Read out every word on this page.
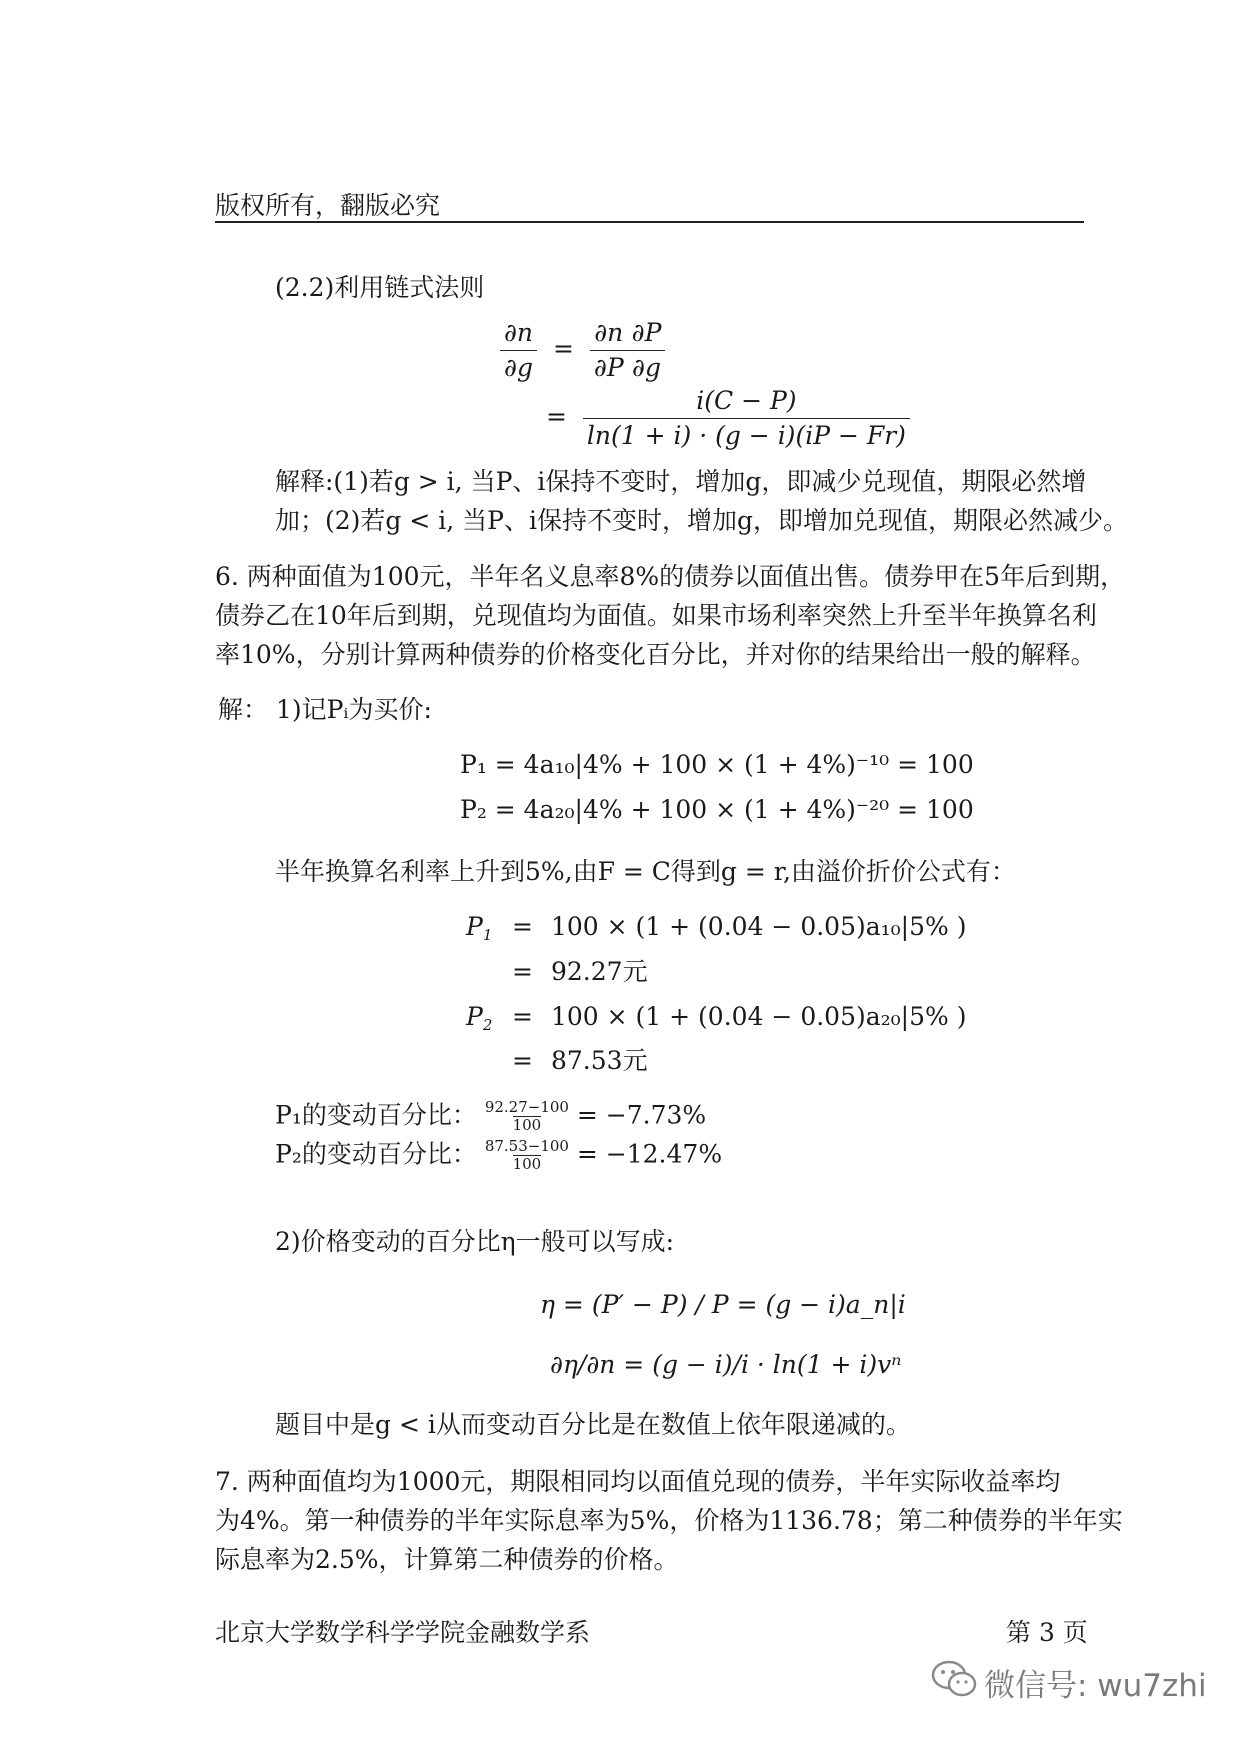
版权所有，翻版必究
(2.2)利用链式法则
$\frac{\partial n}{\partial g} = \frac{\partial n}{\partial P} \frac{\partial P}{\partial g}$
= $\frac{i(C - P)}{\ln(1 + i) \cdot (g - i)(iP - Fr)}$
解释:(1)若g > i, 当P、i保持不变时，增加g，即减少兑现值，期限必然增
加；(2)若g < i, 当P、i保持不变时，增加g，即增加兑现值，期限必然减少。
6. 两种面值为100元，半年名义息率8%的债券以面值出售。债券甲在5年后到期，
债券乙在10年后到期，兑现值均为面值。如果市场利率突然上升至半年换算名利
率10%，分别计算两种债券的价格变化百分比，并对你的结果给出一般的解释。
解： 1)记Pᵢ为买价:
P₁ = 4a₁₀|4% + 100 × (1 + 4%)⁻¹⁰ = 100
P₂ = 4a₂₀|4% + 100 × (1 + 4%)⁻²⁰ = 100
半年换算名利率上升到5%,由F = C得到g = r,由溢价折价公式有：
$P_1 = 100 \times (1 + (0.04 - 0.05)a_{10}|5\%$ )
= 92.27元
$P_2 = 100 \times (1 + (0.04 - 0.05)a_{20}|5\%$ )
= 87.53元
P₁的变动百分比： $\frac{92.27-100}{100} = -7.73\%$
P₂的变动百分比： $\frac{87.53-100}{100} = -12.47\%$
2)价格变动的百分比η一般可以写成:
η = (P′ − P) / P = (g − i)a_n|i
∂η/∂n = (g − i)/i · ln(1 + i)vⁿ
题目中是g < i从而变动百分比是在数值上依年限递减的。
7. 两种面值均为1000元，期限相同均以面值兑现的债券，半年实际收益率均
为4%。第一种债券的半年实际息率为5%，价格为1136.78；第二种债券的半年实
际息率为2.5%，计算第二种债券的价格。
北京大学数学科学学院金融数学系	第 3 页
微信号: wu7zhi
